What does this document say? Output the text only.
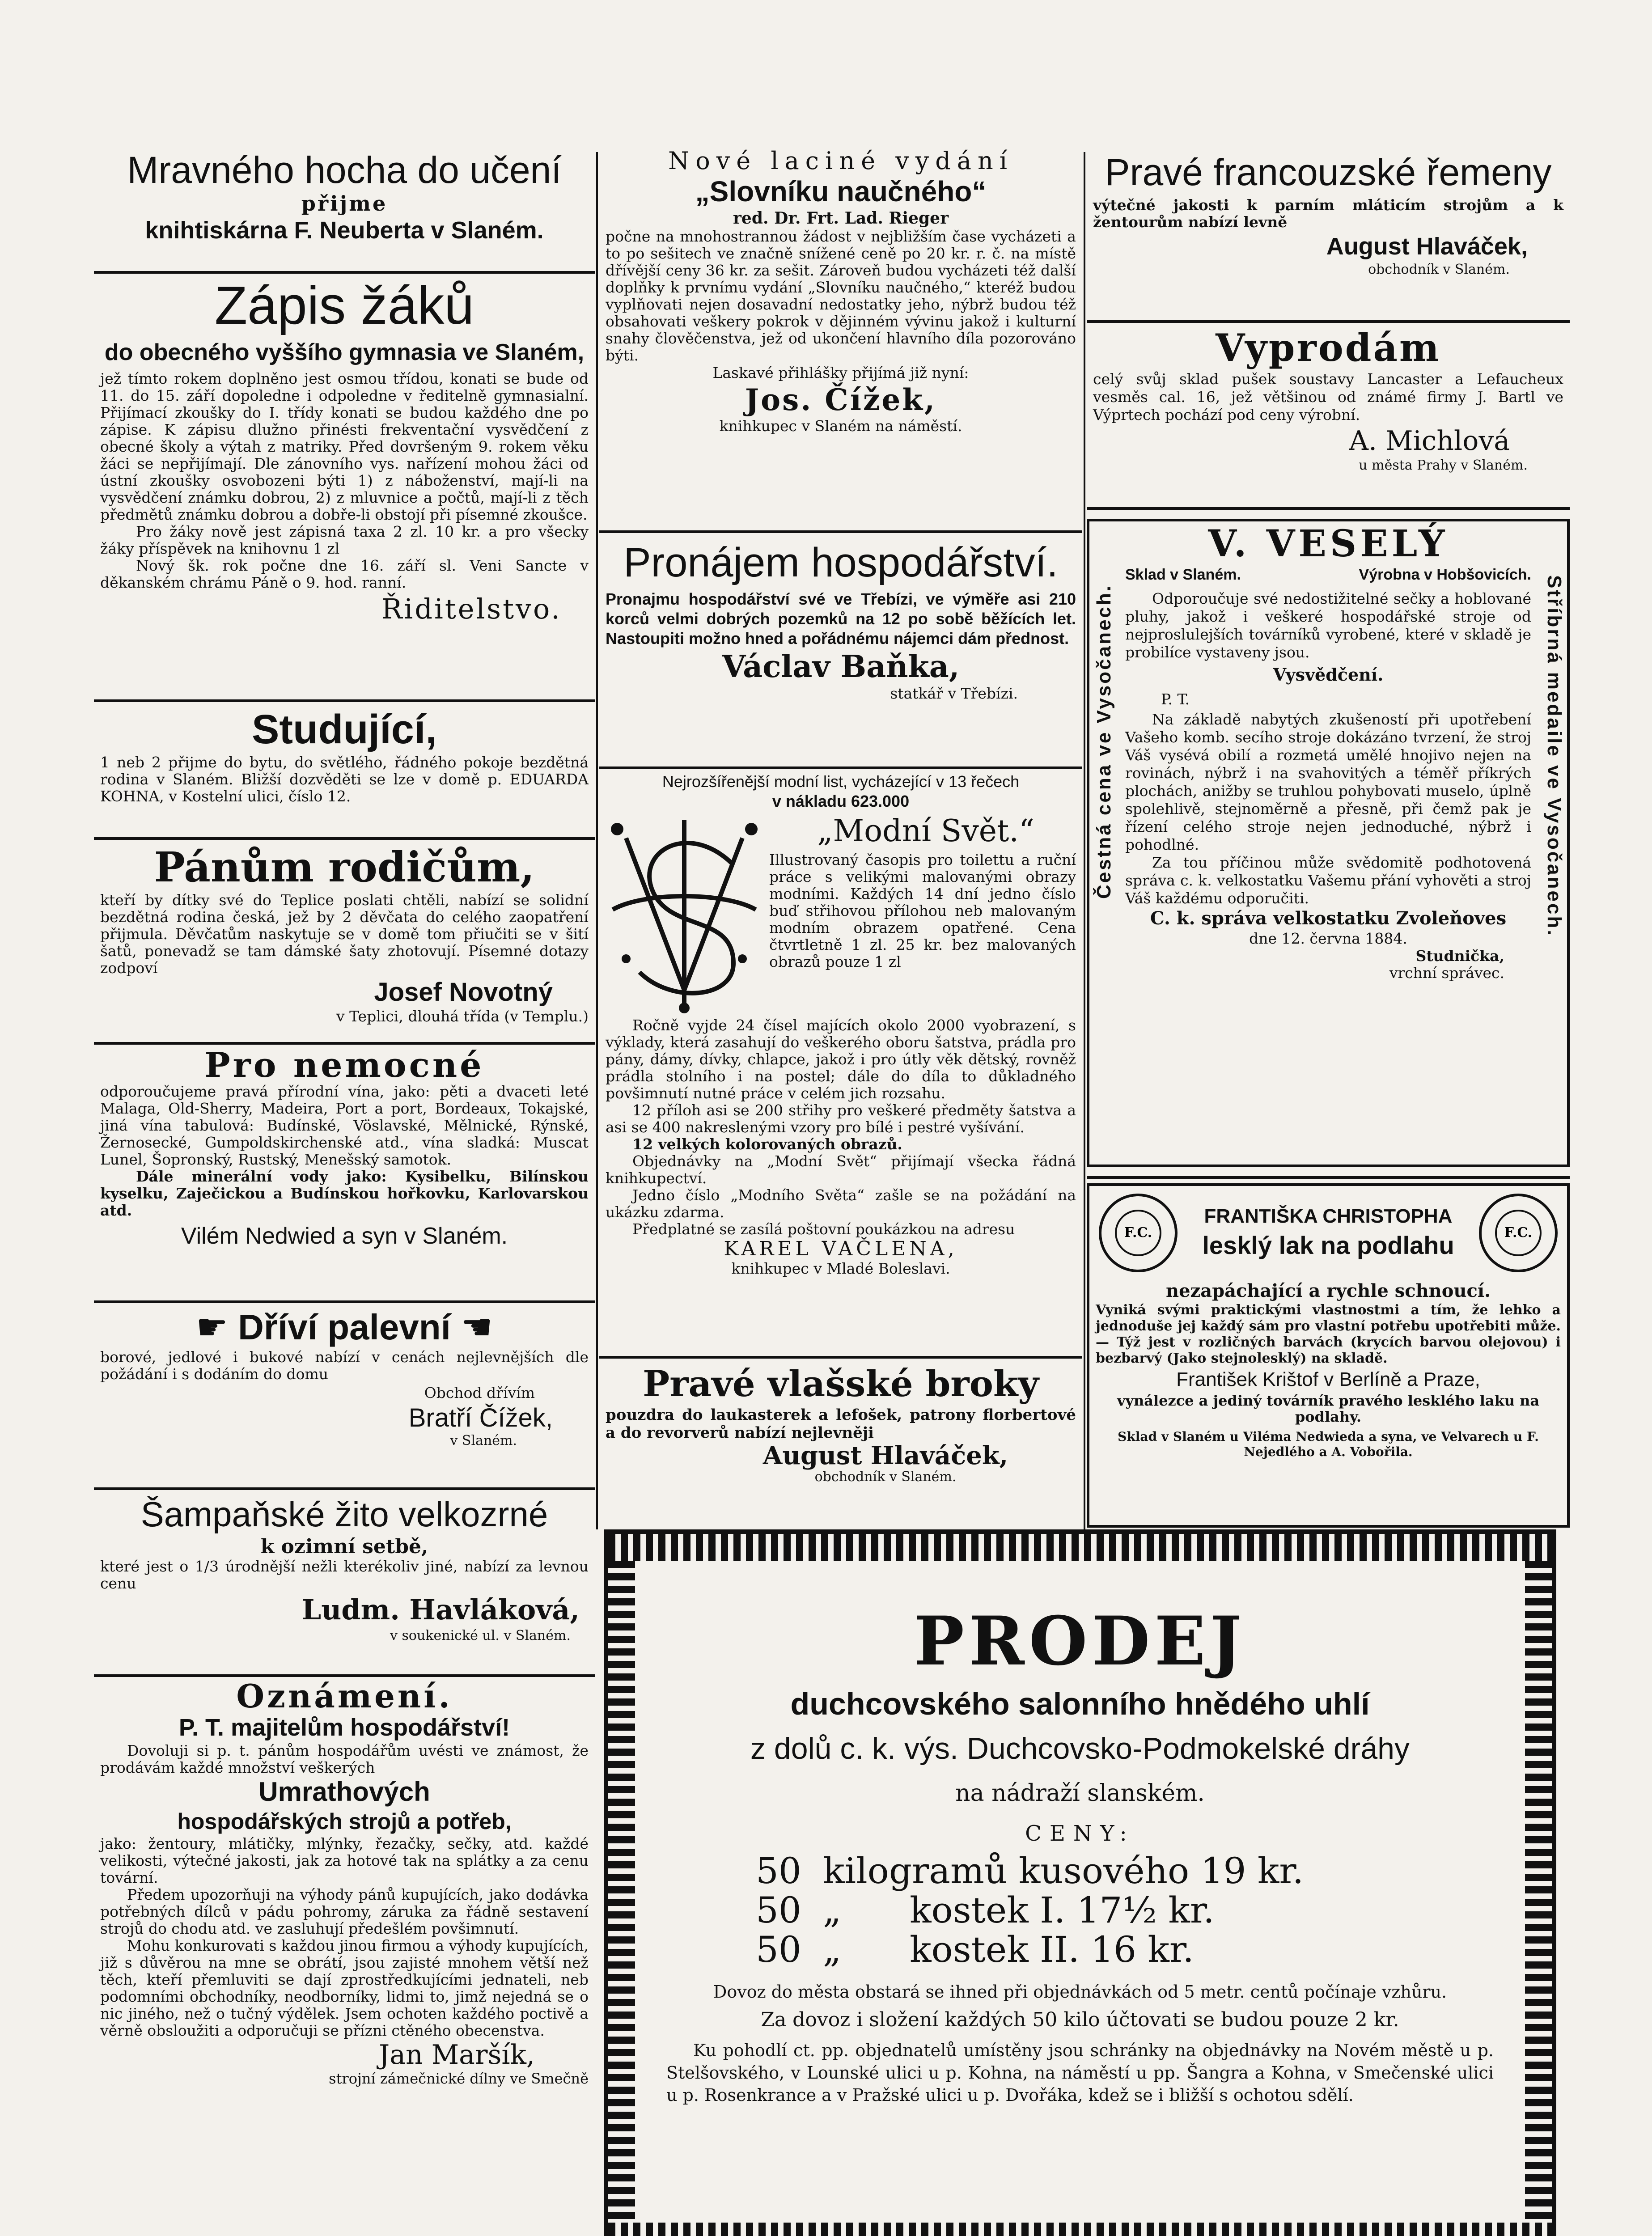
Mravného hocha do učení
přijme
knihtiskárna F. Neuberta v Slaném.
Zápis žáků
do obecného vyššího gymnasia ve Slaném,

jež tímto rokem doplněno jest osmou třídou, konati se bude od 11. do 15. září dopoledne i odpoledne v ředitelně gymnasialní. Přijímací zkoušky do I. třídy konati se budou každého dne po zápise. K zápisu dlužno přinésti frekventační vysvědčení z obecné školy a výtah z matriky. Před dovršeným 9. rokem věku žáci se nepřijímají. Dle zánovního vys. nařízení mohou žáci od ústní zkoušky osvobozeni býti 1) z náboženství, mají-li na vysvědčení známku dobrou, 2) z mluvnice a počtů, mají-li z těch předmětů známku dobrou a dobře-li obstojí při písemné zkoušce.

Pro žáky nově jest zápisná taxa 2 zl. 10 kr. a pro všecky žáky příspěvek na knihovnu 1 zl

Nový šk. rok počne dne 16. září sl. Veni Sancte v děkanském chrámu Páně o 9. hod. ranní.

Řiditelstvo.
Studující,

1 neb 2 přijme do bytu, do světlého, řádného pokoje bezdětná rodina v Slaném. Bližší dozvěděti se lze v domě p. EDUARDA KOHNA, v Kostelní ulici, číslo 12.

Pánům rodičům,

kteří by dítky své do Teplice poslati chtěli, nabízí se solidní bezdětná rodina česká, jež by 2 děvčata do celého zaopatření přijmula. Děvčatům naskytuje se v domě tom přiučiti se v šití šatů, ponevadž se tam dámské šaty zhotovují. Písemné dotazy zodpoví

Josef Novotný
v Teplici, dlouhá třída (v Templu.)
Pro nemocné

odporoučujeme pravá přírodní vína, jako: pěti a dvaceti leté Malaga, Old-Sherry, Madeira, Port a port, Bordeaux, Tokajské, jiná vína tabulová: Budínské, Vöslavské, Mělnické, Rýnské, Žernosecké, Gumpoldskirchenské atd., vína sladká: Muscat Lunel, Šopronský, Rustský, Menešský samotok.

Dále minerální vody jako: Kysibelku, Bilínskou kyselku, Zaječickou a Budínskou hořkovku, Karlovarskou atd.

Vilém Nedwied a syn v Slaném.
☛ Dříví palevní ☚

borové, jedlové i bukové nabízí v cenách nejlevnějších dle požádání i s dodáním do domu

Obchod dřívím
Bratří Čížek,
v Slaném.
Šampaňské žito velkozrné
k ozimní setbě,

které jest o 1/3 úrodnější nežli kterékoliv jiné, nabízí za levnou cenu

Ludm. Havláková,
v soukenické ul. v Slaném.
Oznámení.
P. T. majitelům hospodářství!

Dovoluji si p. t. pánům hospodářům uvésti ve známost, že prodávám každé množství veškerých

Umrathových
hospodářských strojů a potřeb,

jako: žentoury, mlátičky, mlýnky, řezačky, sečky, atd. každé velikosti, výtečné jakosti, jak za hotové tak na splátky a za cenu tovární.

Předem upozorňuji na výhody pánů kupujících, jako dodávka potřebných dílců v pádu pohromy, záruka za řádně sestavení strojů do chodu atd. ve zasluhují předešlém povšimnutí.

Mohu konkurovati s každou jinou firmou a výhody kupujících, již s důvěrou na mne se obrátí, jsou zajisté mnohem větší než těch, kteří přemluviti se dají zprostředkujícími jednateli, neb podomními obchodníky, neodborníky, lidmi to, jimž nejedná se o nic jiného, než o tučný výdělek. Jsem ochoten každého poctivě a věrně obsloužiti a odporučuji se přízni ctěného obecenstva.

Jan Maršík,
strojní zámečnické dílny ve Smečně
Nové laciné vydání
„Slovníku naučného“
red. Dr. Frt. Lad. Rieger

počne na mnohostrannou žádost v nejbližším čase vycházeti a to po sešitech ve značně snížené ceně po 20 kr. r. č. na místě dřívější ceny 36 kr. za sešit. Zároveň budou vycházeti též další doplňky k prvnímu vydání „Slovníku naučného,“ kteréž budou vyplňovati nejen dosavadní nedostatky jeho, nýbrž budou též obsahovati veškery pokrok v dějinném vývinu jakož i kulturní snahy člověčenstva, jež od ukončení hlavního díla pozorováno býti.

Laskavé přihlášky přijímá již nyní:
Jos. Čížek,
knihkupec v Slaném na náměstí.
Pronájem hospodářství.

Pronajmu hospodářství své ve Třebízi, ve výměře asi 210 korců velmi dobrých pozemků na 12 po sobě běžících let. Nastoupiti možno hned a pořádnému nájemci dám přednost.

Václav Baňka,
statkář v Třebízi.
Nejrozšířenější modní list, vycházející v 13 řečech
v nákladu 623.000
„Modní Svět.“

Illustrovaný časopis pro toilettu a ruční práce s velikými malovanými obrazy modními. Každých 14 dní jedno číslo buď střihovou přílohou neb malovaným modním obrazem opatřené. Cena čtvrtletně 1 zl. 25 kr. bez malovaných obrazů pouze 1 zl

Ročně vyjde 24 čísel majících okolo 2000 vyobrazení, s výklady, která zasahují do veškerého oboru šatstva, prádla pro pány, dámy, dívky, chlapce, jakož i pro útly věk dětský, rovněž prádla stolního i na postel; dále do díla to důkladného povšimnutí nutné práce v celém jich rozsahu.

12 příloh asi se 200 střihy pro veškeré předměty šatstva a asi se 400 nakreslenými vzory pro bílé i pestré vyšívání.

12 velkých kolorovaných obrazů.

Objednávky na „Modní Svět“ přijímají všecka řádná knihkupectví.

Jedno číslo „Modního Světa“ zašle se na požádání na ukázku zdarma.

Předplatné se zasílá poštovní poukázkou na adresu

KAREL VAČLENA,
knihkupec v Mladé Boleslavi.
Pravé vlašské broky

pouzdra do laukasterek a lefošek, patrony florbertové a do revorverů nabízí nejlevněji

August Hlaváček,
obchodník v Slaném.
Pravé francouzské řemeny

výtečné jakosti k parním mláticím strojům a k žentourům nabízí levně

August Hlaváček,
obchodník v Slaném.
Vyprodám

celý svůj sklad pušek soustavy Lancaster a Lefaucheux vesměs cal. 16, jež většinou od známé firmy J. Bartl ve Výprtech pochází pod ceny výrobní.

A. Michlová
u města Prahy v Slaném.
Čestná cena ve Vysočanech.	Stříbrná medaile ve Vysočanech.
V. VESELÝ
Sklad v Slaném.	Výrobna v Hobšovicích.

Odporoučuje své nedostižitelné sečky a hoblované pluhy, jakož i veškeré hospodářské stroje od nejproslulejších továrníků vyrobené, které v skladě je probilíce vystaveny jsou.

Vysvědčení.
P. T.

Na základě nabytých zkušeností při upotřebení Vašeho komb. secího stroje dokázáno tvrzení, že stroj Váš vysévá obilí a rozmetá umělé hnojivo nejen na rovinách, nýbrž i na svahovitých a téměř příkrých plochách, anižby se truhlou pohybovati muselo, úplně spolehlivě, stejnoměrně a přesně, při čemž pak je řízení celého stroje nejen jednoduché, nýbrž i pohodlné.

Za tou příčinou může svědomitě podhotovená správa c. k. velkostatku Vašemu přání vyhověti a stroj Váš každému odporučiti.

C. k. správa velkostatku Zvoleňoves
dne 12. června 1884.
Studnička,
vrchní správec.
F.C.
FRANTIŠKA CHRISTOPHA
lesklý lak na podlahu	F.C.
nezapáchající a rychle schnoucí.

Vyniká svými praktickými vlastnostmi a tím, že lehko a jednoduše jej každý sám pro vlastní potřebu upotřebiti může. — Týž jest v rozličných barvách (krycích barvou olejovou) i bezbarvý (Jako stejnolesklý) na skladě.

František Krištof v Berlíně a Praze,
vynálezce a jediný továrník pravého lesklého laku na podlahy.
Sklad v Slaném u Viléma Nedwieda a syna, ve Velvarech u F. Nejedlého a A. Vobořila.
PRODEJ
duchcovského salonního hnědého uhlí
z dolů c. k. výs. Duchcovsko-Podmokelské dráhy
na nádraží slanském.
CENY:
50 kilogramů kusového 19 kr.
50 „      kostek I. 17½ kr.
50 „      kostek II. 16 kr.
Dovoz do města obstará se ihned při objednávkách od 5 metr. centů počínaje vzhůru.
Za dovoz i složení každých 50 kilo účtovati se budou pouze 2 kr.

Ku pohodlí ct. pp. objednatelů umístěny jsou schránky na objednávky na Novém městě u p. Stelšovského, v Lounské ulici u p. Kohna, na náměstí u pp. Šangra a Kohna, v Smečenské ulici u p. Rosenkrance a v Pražské ulici u p. Dvořáka, kdež se i bližší s ochotou sdělí.
